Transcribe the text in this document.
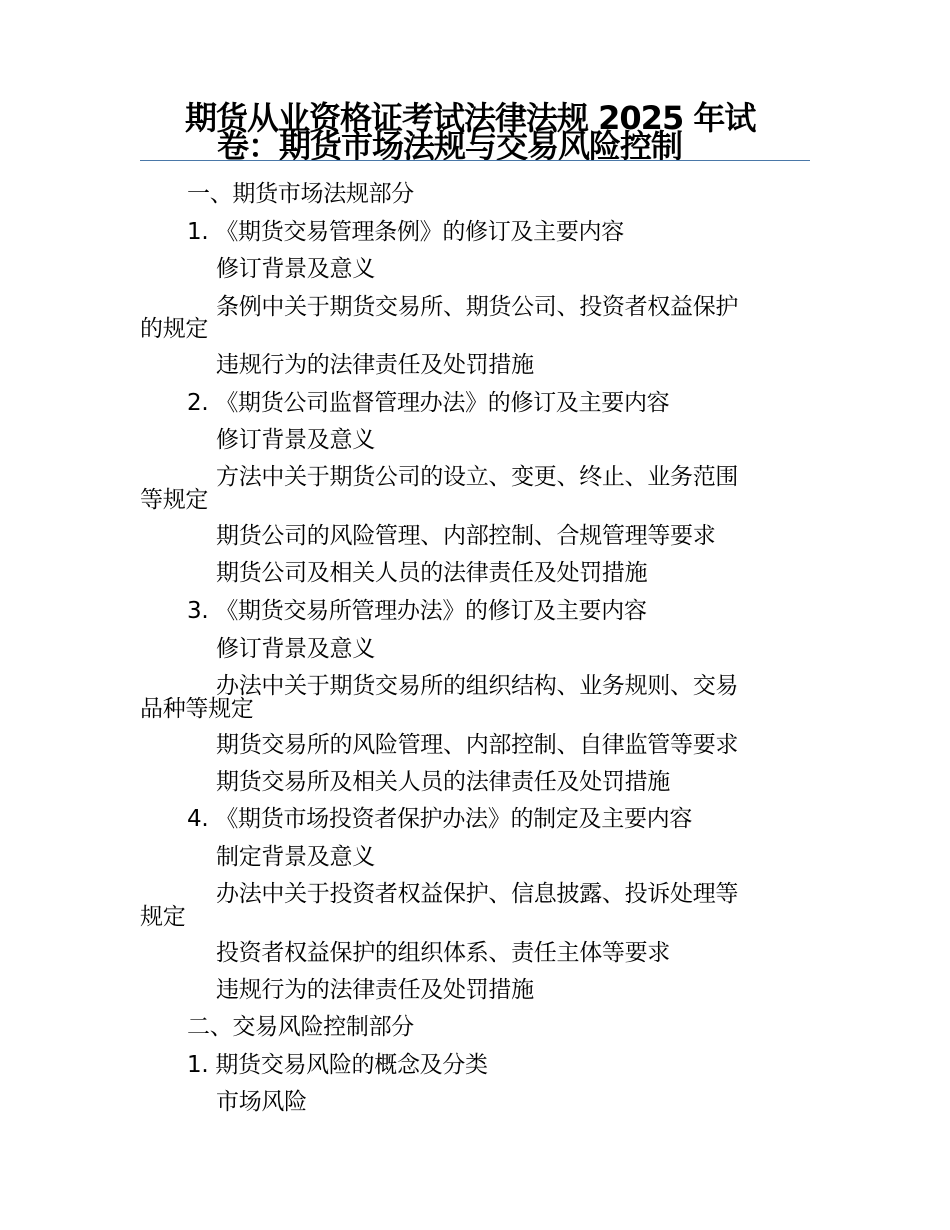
期货从业资格证考试法律法规 2025 年试
卷：期货市场法规与交易风险控制
一、期货市场法规部分
1. 《期货交易管理条例》的修订及主要内容
修订背景及意义
条例中关于期货交易所、期货公司、投资者权益保护
的规定
违规行为的法律责任及处罚措施
2. 《期货公司监督管理办法》的修订及主要内容
修订背景及意义
方法中关于期货公司的设立、变更、终止、业务范围
等规定
期货公司的风险管理、内部控制、合规管理等要求
期货公司及相关人员的法律责任及处罚措施
3. 《期货交易所管理办法》的修订及主要内容
修订背景及意义
办法中关于期货交易所的组织结构、业务规则、交易
品种等规定
期货交易所的风险管理、内部控制、自律监管等要求
期货交易所及相关人员的法律责任及处罚措施
4. 《期货市场投资者保护办法》的制定及主要内容
制定背景及意义
办法中关于投资者权益保护、信息披露、投诉处理等
规定
投资者权益保护的组织体系、责任主体等要求
违规行为的法律责任及处罚措施
二、交易风险控制部分
1. 期货交易风险的概念及分类
市场风险
